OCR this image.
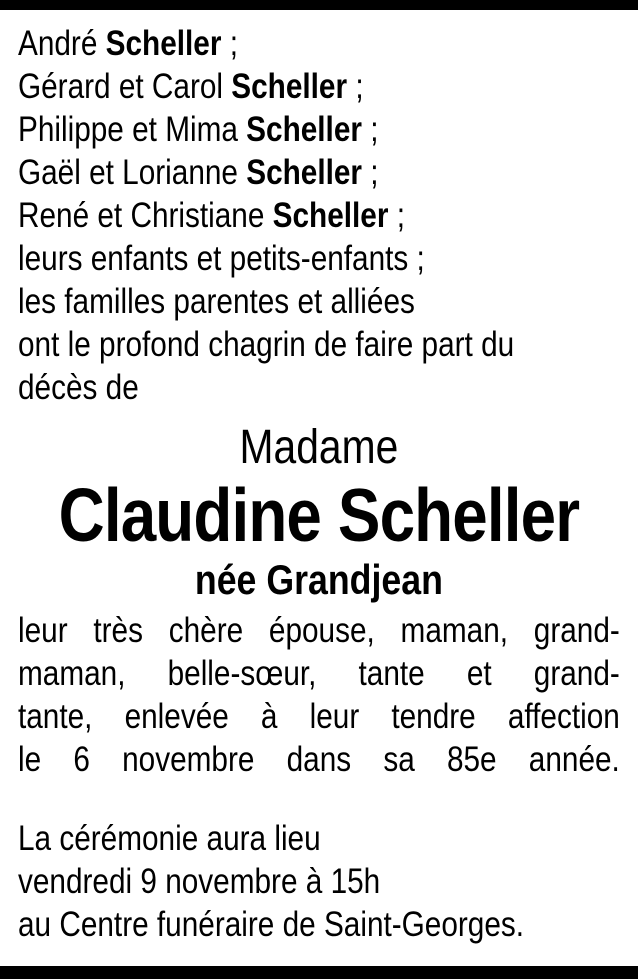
André Scheller ;
Gérard et Carol Scheller ;
Philippe et Mima Scheller ;
Gaël et Lorianne Scheller ;
René et Christiane Scheller ;
leurs enfants et petits-enfants ;
les familles parentes et alliées
ont le profond chagrin de faire part du
décès de
Madame
Claudine Scheller
née Grandjean
leur très chère épouse, maman, grand-
maman, belle-sœur, tante et grand-
tante, enlevée à leur tendre affection
le 6 novembre dans sa 85e année.
La cérémonie aura lieu
vendredi 9 novembre à 15h
au Centre funéraire de Saint-Georges.
